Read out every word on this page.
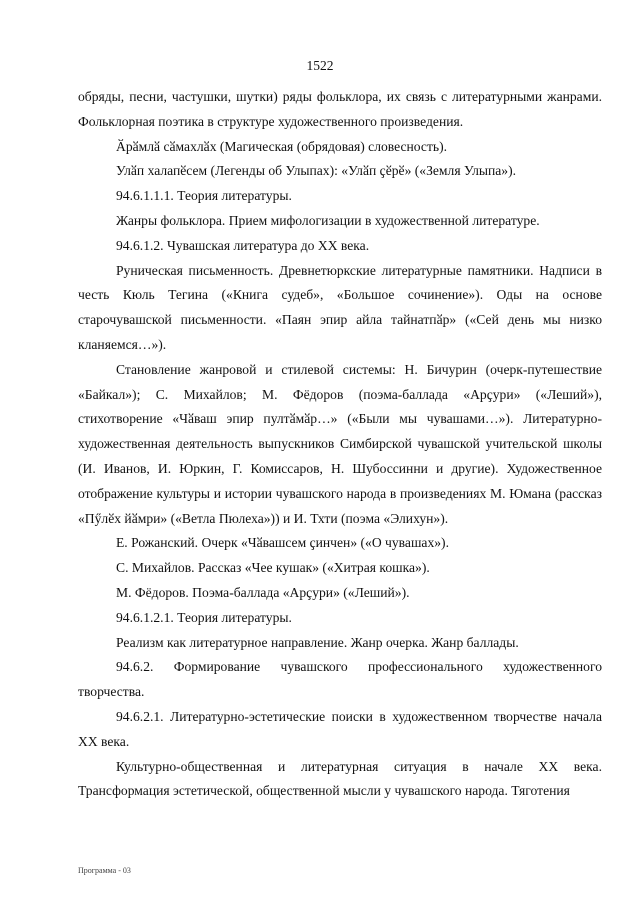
1522

обряды, песни, частушки, шутки) ряды фольклора, их связь с литературными жанрами. Фольклорная поэтика в структуре художественного произведения.

Ӑрӑмлӑ сӑмахлӑх (Магическая (обрядовая) словесность).

Улӑп халапӗсем (Легенды об Улыпах): «Улӑп ҫӗрӗ» («Земля Улыпа»).

94.6.1.1.1. Теория литературы.

Жанры фольклора. Прием мифологизации в художественной литературе.

94.6.1.2. Чувашская литература до XX века.

Руническая письменность. Древнетюркские литературные памятники. Надписи в честь Кюль Тегина («Книга судеб», «Большое сочинение»). Оды на основе старочувашской письменности. «Паян эпир айла тайнатпӑр» («Сей день мы низко кланяемся…»).

Становление жанровой и стилевой системы: Н. Бичурин (очерк-путешествие «Байкал»); С. Михайлов; М. Фёдоров (поэма-баллада «Арҫури» («Леший»), стихотворение «Чӑваш эпир пултӑмӑр…» («Были мы чувашами…»). Литературно-художественная деятельность выпускников Симбирской чувашской учительской школы (И. Иванов, И. Юркин, Г. Комиссаров, Н. Шубоссинни и другие). Художественное отображение культуры и истории чувашского народа в произведениях М. Юмана (рассказ «Пӳлӗх йӑмри» («Ветла Пюлеха»)) и И. Тхти (поэма «Элихун»).

Е. Рожанский. Очерк «Чӑвашсем ҫинчен» («О чувашах»).

С. Михайлов. Рассказ «Чее кушак» («Хитрая кошка»).

М. Фёдоров. Поэма-баллада «Арҫури» («Леший»).

94.6.1.2.1. Теория литературы.

Реализм как литературное направление. Жанр очерка. Жанр баллады.

94.6.2. Формирование чувашского профессионального художественного творчества.

94.6.2.1. Литературно-эстетические поиски в художественном творчестве начала XX века.

Культурно-общественная и литературная ситуация в начале XX века. Трансформация эстетической, общественной мысли у чувашского народа. Тяготения

Программа - 03
